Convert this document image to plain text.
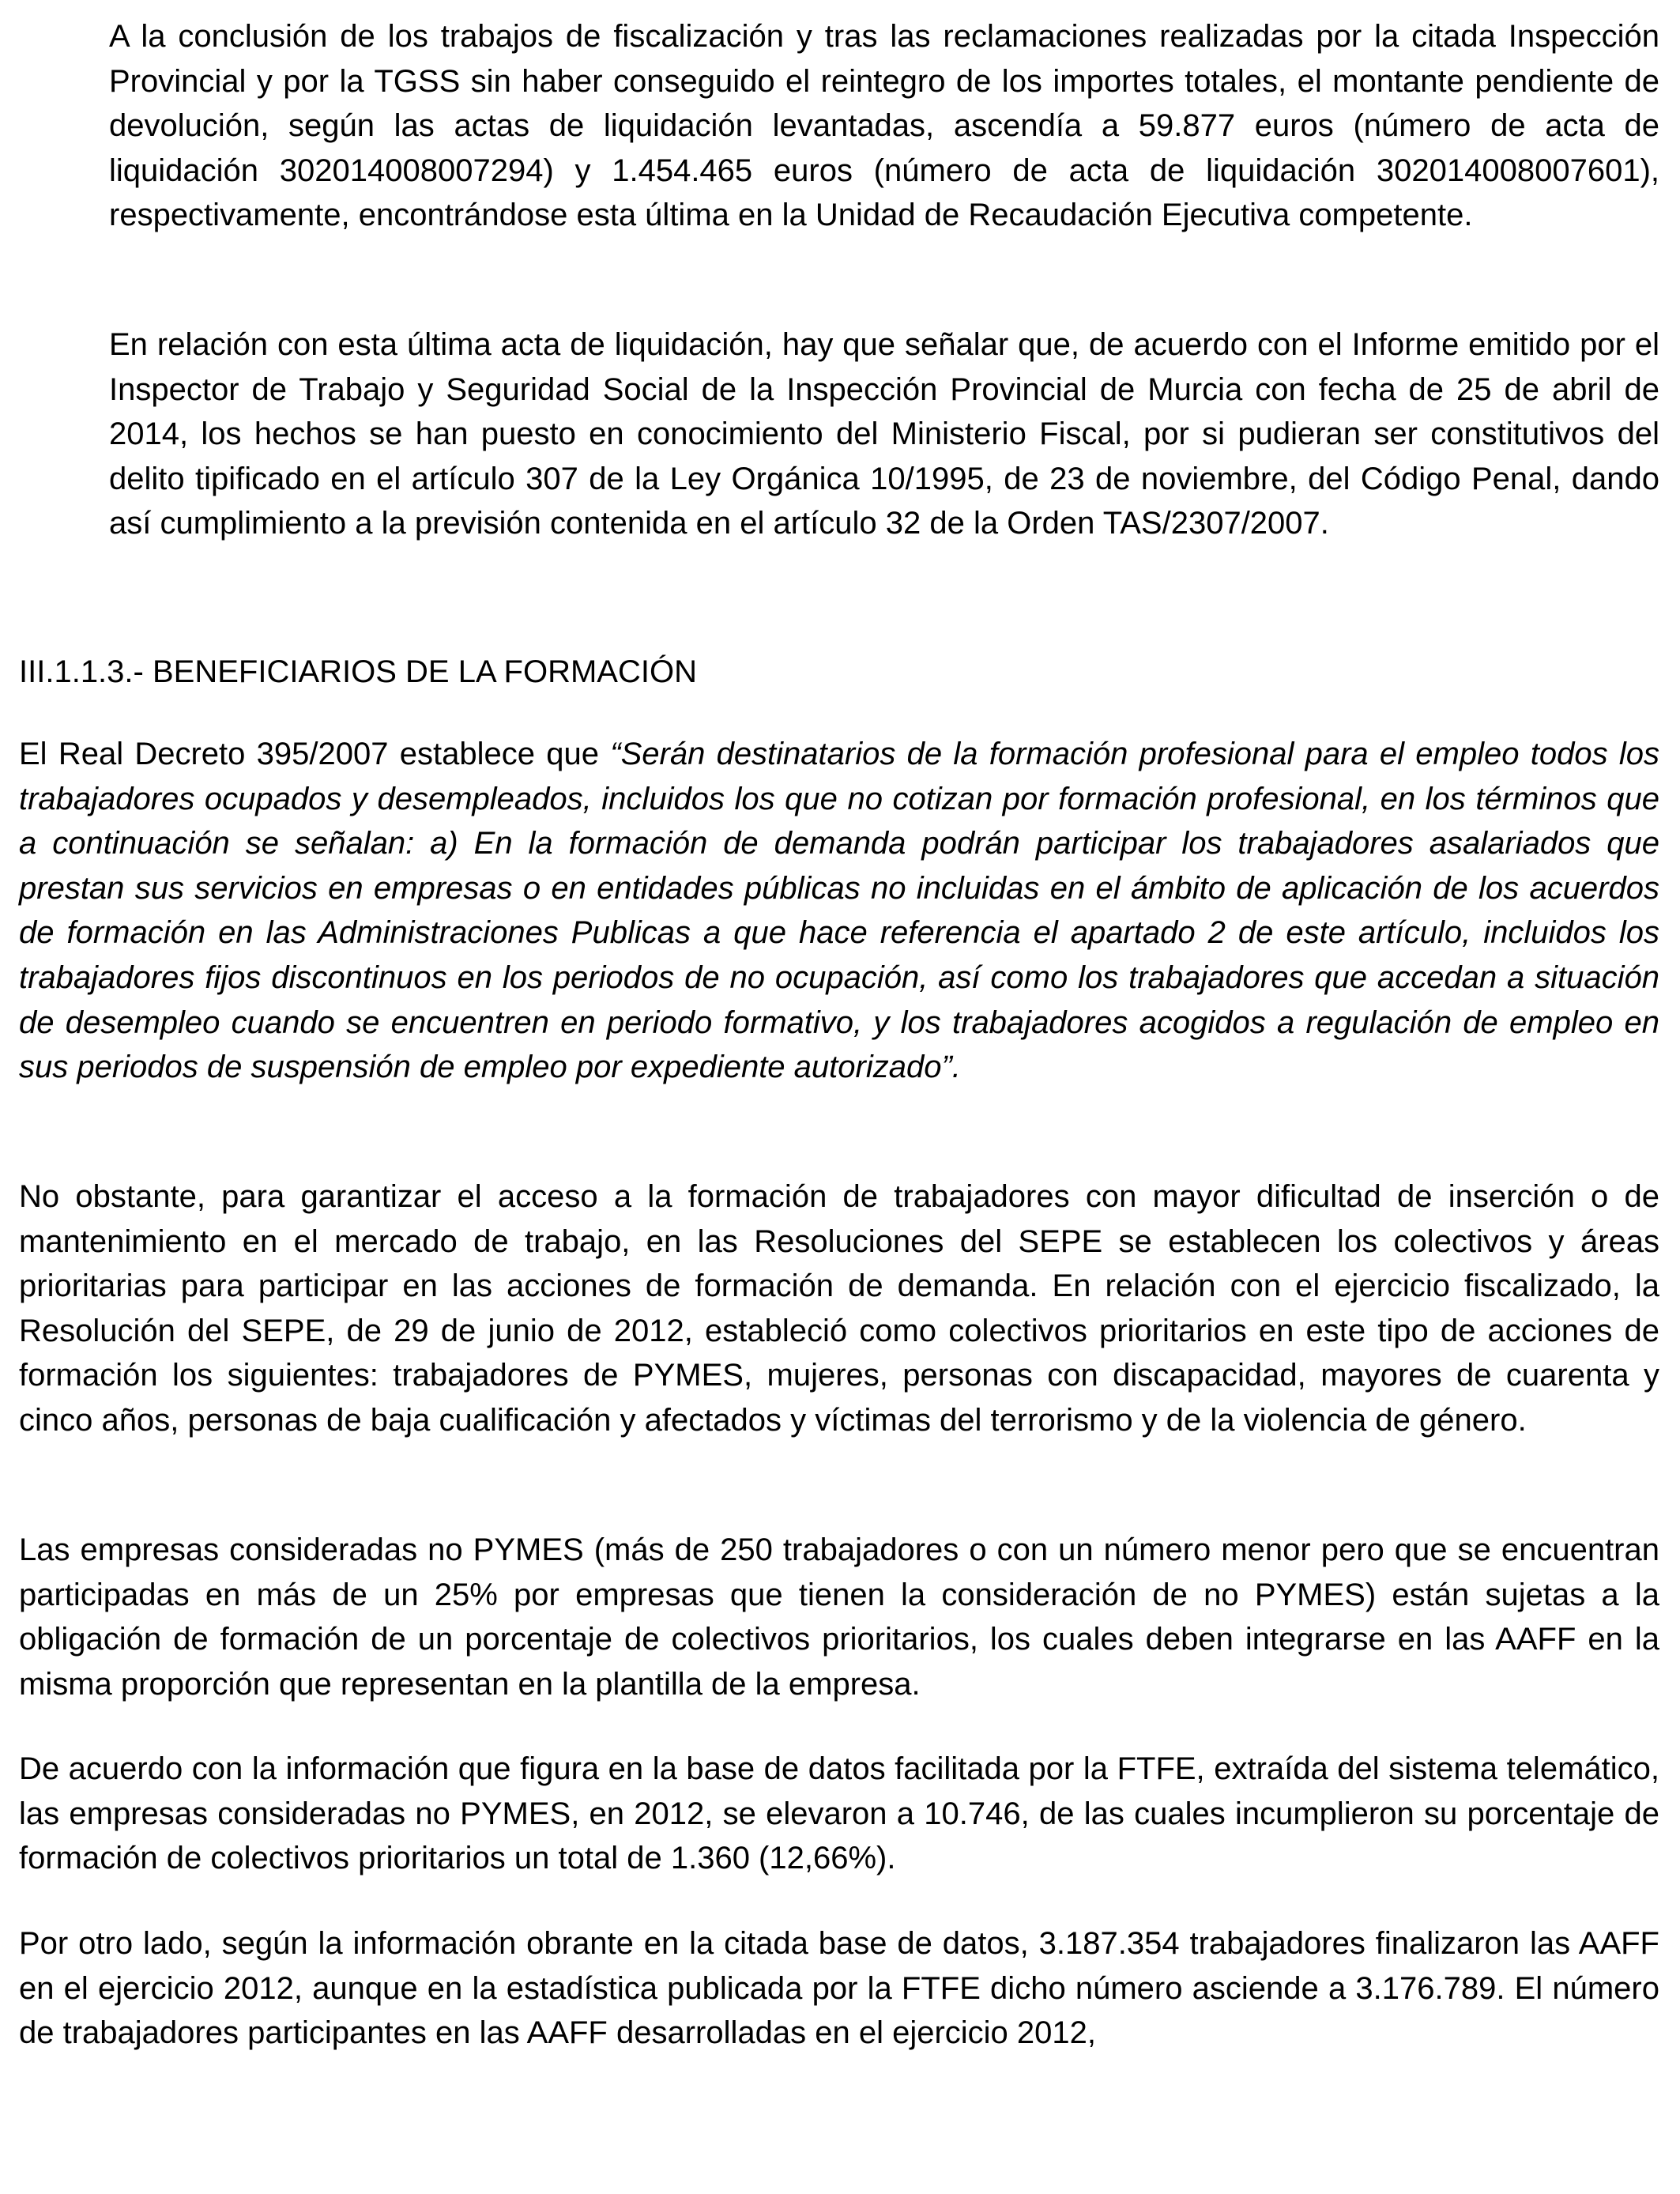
A la conclusión de los trabajos de fiscalización y tras las reclamaciones realizadas por la citada Inspección Provincial y por la TGSS sin haber conseguido el reintegro de los importes totales, el montante pendiente de devolución, según las actas de liquidación levantadas, ascendía a 59.877 euros (número de acta de liquidación 302014008007294) y 1.454.465 euros (número de acta de liquidación 302014008007601), respectivamente, encontrándose esta última en la Unidad de Recaudación Ejecutiva competente.

En relación con esta última acta de liquidación, hay que señalar que, de acuerdo con el Informe emitido por el Inspector de Trabajo y Seguridad Social de la Inspección Provincial de Murcia con fecha de 25 de abril de 2014, los hechos se han puesto en conocimiento del Ministerio Fiscal, por si pudieran ser constitutivos del delito tipificado en el artículo 307 de la Ley Orgánica 10/1995, de 23 de noviembre, del Código Penal, dando así cumplimiento a la previsión contenida en el artículo 32 de la Orden TAS/2307/2007.

III.1.1.3.- BENEFICIARIOS DE LA FORMACIÓN

El Real Decreto 395/2007 establece que “Serán destinatarios de la formación profesional para el empleo todos los trabajadores ocupados y desempleados, incluidos los que no cotizan por formación profesional, en los términos que a continuación se señalan: a) En la formación de demanda podrán participar los trabajadores asalariados que prestan sus servicios en empresas o en entidades públicas no incluidas en el ámbito de aplicación de los acuerdos de formación en las Administraciones Publicas a que hace referencia el apartado 2 de este artículo, incluidos los trabajadores fijos discontinuos en los periodos de no ocupación, así como los trabajadores que accedan a situación de desempleo cuando se encuentren en periodo formativo, y los trabajadores acogidos a regulación de empleo en sus periodos de suspensión de empleo por expediente autorizado”.

No obstante, para garantizar el acceso a la formación de trabajadores con mayor dificultad de inserción o de mantenimiento en el mercado de trabajo, en las Resoluciones del SEPE se establecen los colectivos y áreas prioritarias para participar en las acciones de formación de demanda. En relación con el ejercicio fiscalizado, la Resolución del SEPE, de 29 de junio de 2012, estableció como colectivos prioritarios en este tipo de acciones de formación los siguientes: trabajadores de PYMES, mujeres, personas con discapacidad, mayores de cuarenta y cinco años, personas de baja cualificación y afectados y víctimas del terrorismo y de la violencia de género.

Las empresas consideradas no PYMES (más de 250 trabajadores o con un número menor pero que se encuentran participadas en más de un 25% por empresas que tienen la consideración de no PYMES) están sujetas a la obligación de formación de un porcentaje de colectivos prioritarios, los cuales deben integrarse en las AAFF en la misma proporción que representan en la plantilla de la empresa.

De acuerdo con la información que figura en la base de datos facilitada por la FTFE, extraída del sistema telemático, las empresas consideradas no PYMES, en 2012, se elevaron a 10.746, de las cuales incumplieron su porcentaje de formación de colectivos prioritarios un total de 1.360 (12,66%).

Por otro lado, según la información obrante en la citada base de datos, 3.187.354 trabajadores finalizaron las AAFF en el ejercicio 2012, aunque en la estadística publicada por la FTFE dicho número asciende a 3.176.789. El número de trabajadores participantes en las AAFF desarrolladas en el ejercicio 2012,
